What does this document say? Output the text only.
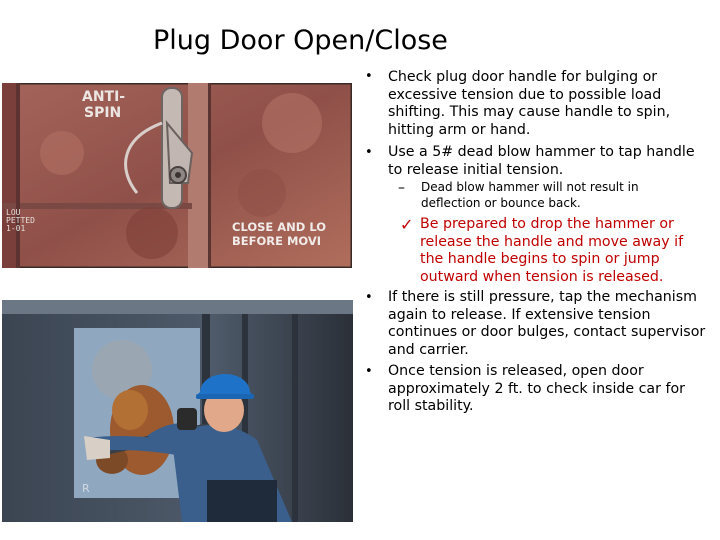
Plug Door Open/Close
ANTI-
SPIN
LOU
PETTED
1-01	CLOSE AND LO
BEFORE MOVI
R
• Check plug door handle for bulging or
excessive tension due to possible load
shifting. This may cause handle to spin,
hitting arm or hand.
• Use a 5# dead blow hammer to tap handle
to release initial tension.
– Dead blow hammer will not result in
deflection or bounce back.
✓ Be prepared to drop the hammer or
release the handle and move away if
the handle begins to spin or jump
outward when tension is released.
• If there is still pressure, tap the mechanism
again to release. If extensive tension
continues or door bulges, contact supervisor
and carrier.
• Once tension is released, open door
approximately 2 ft. to check inside car for
roll stability.
